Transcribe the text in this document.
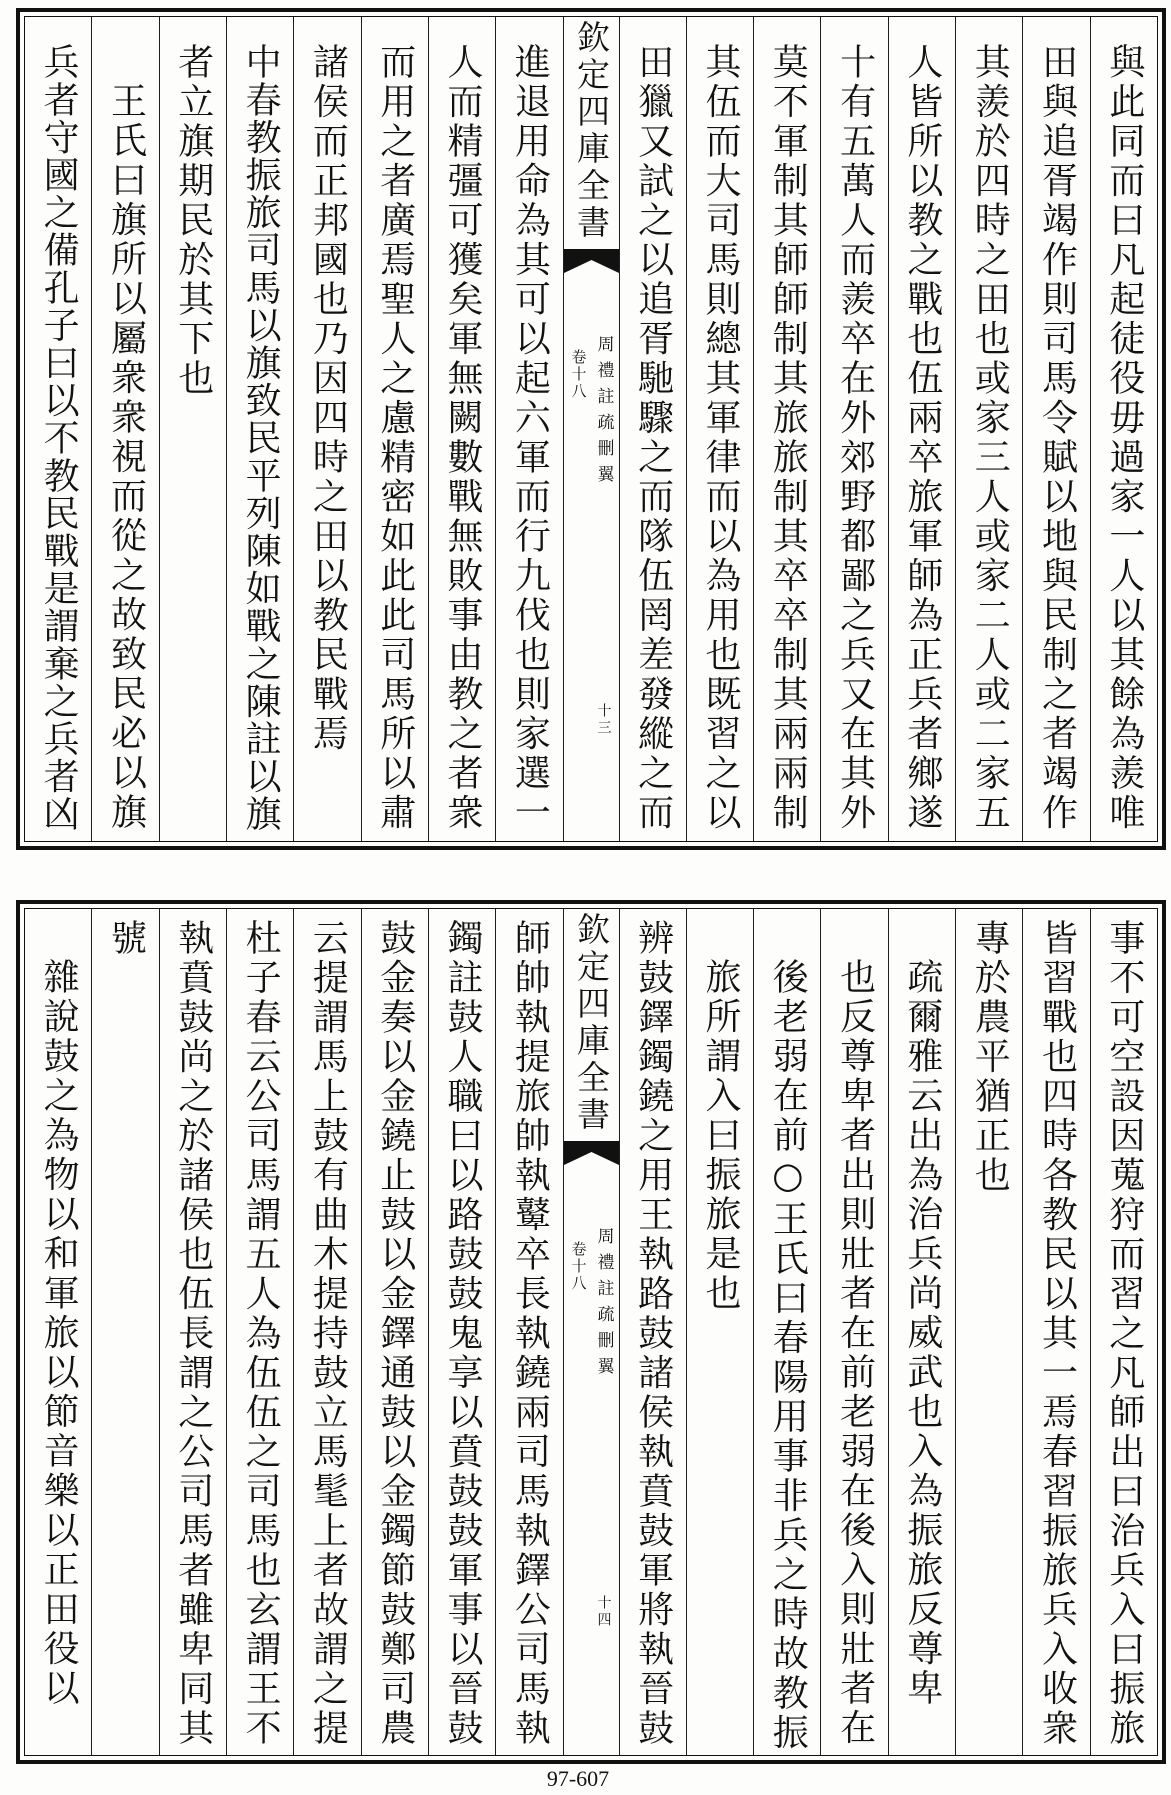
與此同而曰凡起徒役毋過家一人以其餘為羨唯
田與追胥竭作則司馬令賦以地與民制之者竭作
其羨於四時之田也或家三人或家二人或二家五
人皆所以教之戰也伍兩卒旅軍師為正兵者鄉遂
十有五萬人而羨卒在外郊野都鄙之兵又在其外
莫不軍制其師師制其旅旅制其卒卒制其兩兩制
其伍而大司馬則總其軍律而以為用也既習之以
田獵又試之以追胥馳驟之而隊伍罔差發縱之而
欽定四庫全書
周禮註疏刪翼
卷十八
十三
進退用命為其可以起六軍而行九伐也則家選一
人而精彊可獲矣軍無闕數戰無敗事由教之者衆
而用之者廣焉聖人之慮精密如此此司馬所以肅
諸侯而正邦國也乃因四時之田以教民戰焉
中春教振旅司馬以旗致民平列陳如戰之陳註以旗
者立旗期民於其下也
王氏曰旗所以屬衆衆視而從之故致民必以旗
兵者守國之備孔子曰以不教民戰是謂棄之兵者凶
事不可空設因蒐狩而習之凡師出曰治兵入曰振旅
皆習戰也四時各教民以其一焉春習振旅兵入收衆
專於農平猶正也
疏爾雅云出為治兵尚威武也入為振旅反尊卑
也反尊卑者出則壯者在前老弱在後入則壯者在
後老弱在前○王氏曰春陽用事非兵之時故教振
旅所謂入曰振旅是也
辨鼓鐸鐲鐃之用王執路鼓諸侯執賁鼓軍將執晉鼓
欽定四庫全書
周禮註疏刪翼
卷十八
十四
師帥執提旅帥執鼙卒長執鐃兩司馬執鐸公司馬執
鐲註鼓人職曰以路鼓鼓鬼享以賁鼓鼓軍事以晉鼓
鼓金奏以金鐃止鼓以金鐸通鼓以金鐲節鼓鄭司農
云提謂馬上鼓有曲木提持鼓立馬髦上者故謂之提
杜子春云公司馬謂五人為伍伍之司馬也玄謂王不
執賁鼓尚之於諸侯也伍長謂之公司馬者雖卑同其
號
雜說鼓之為物以和軍旅以節音樂以正田役以
97-607
